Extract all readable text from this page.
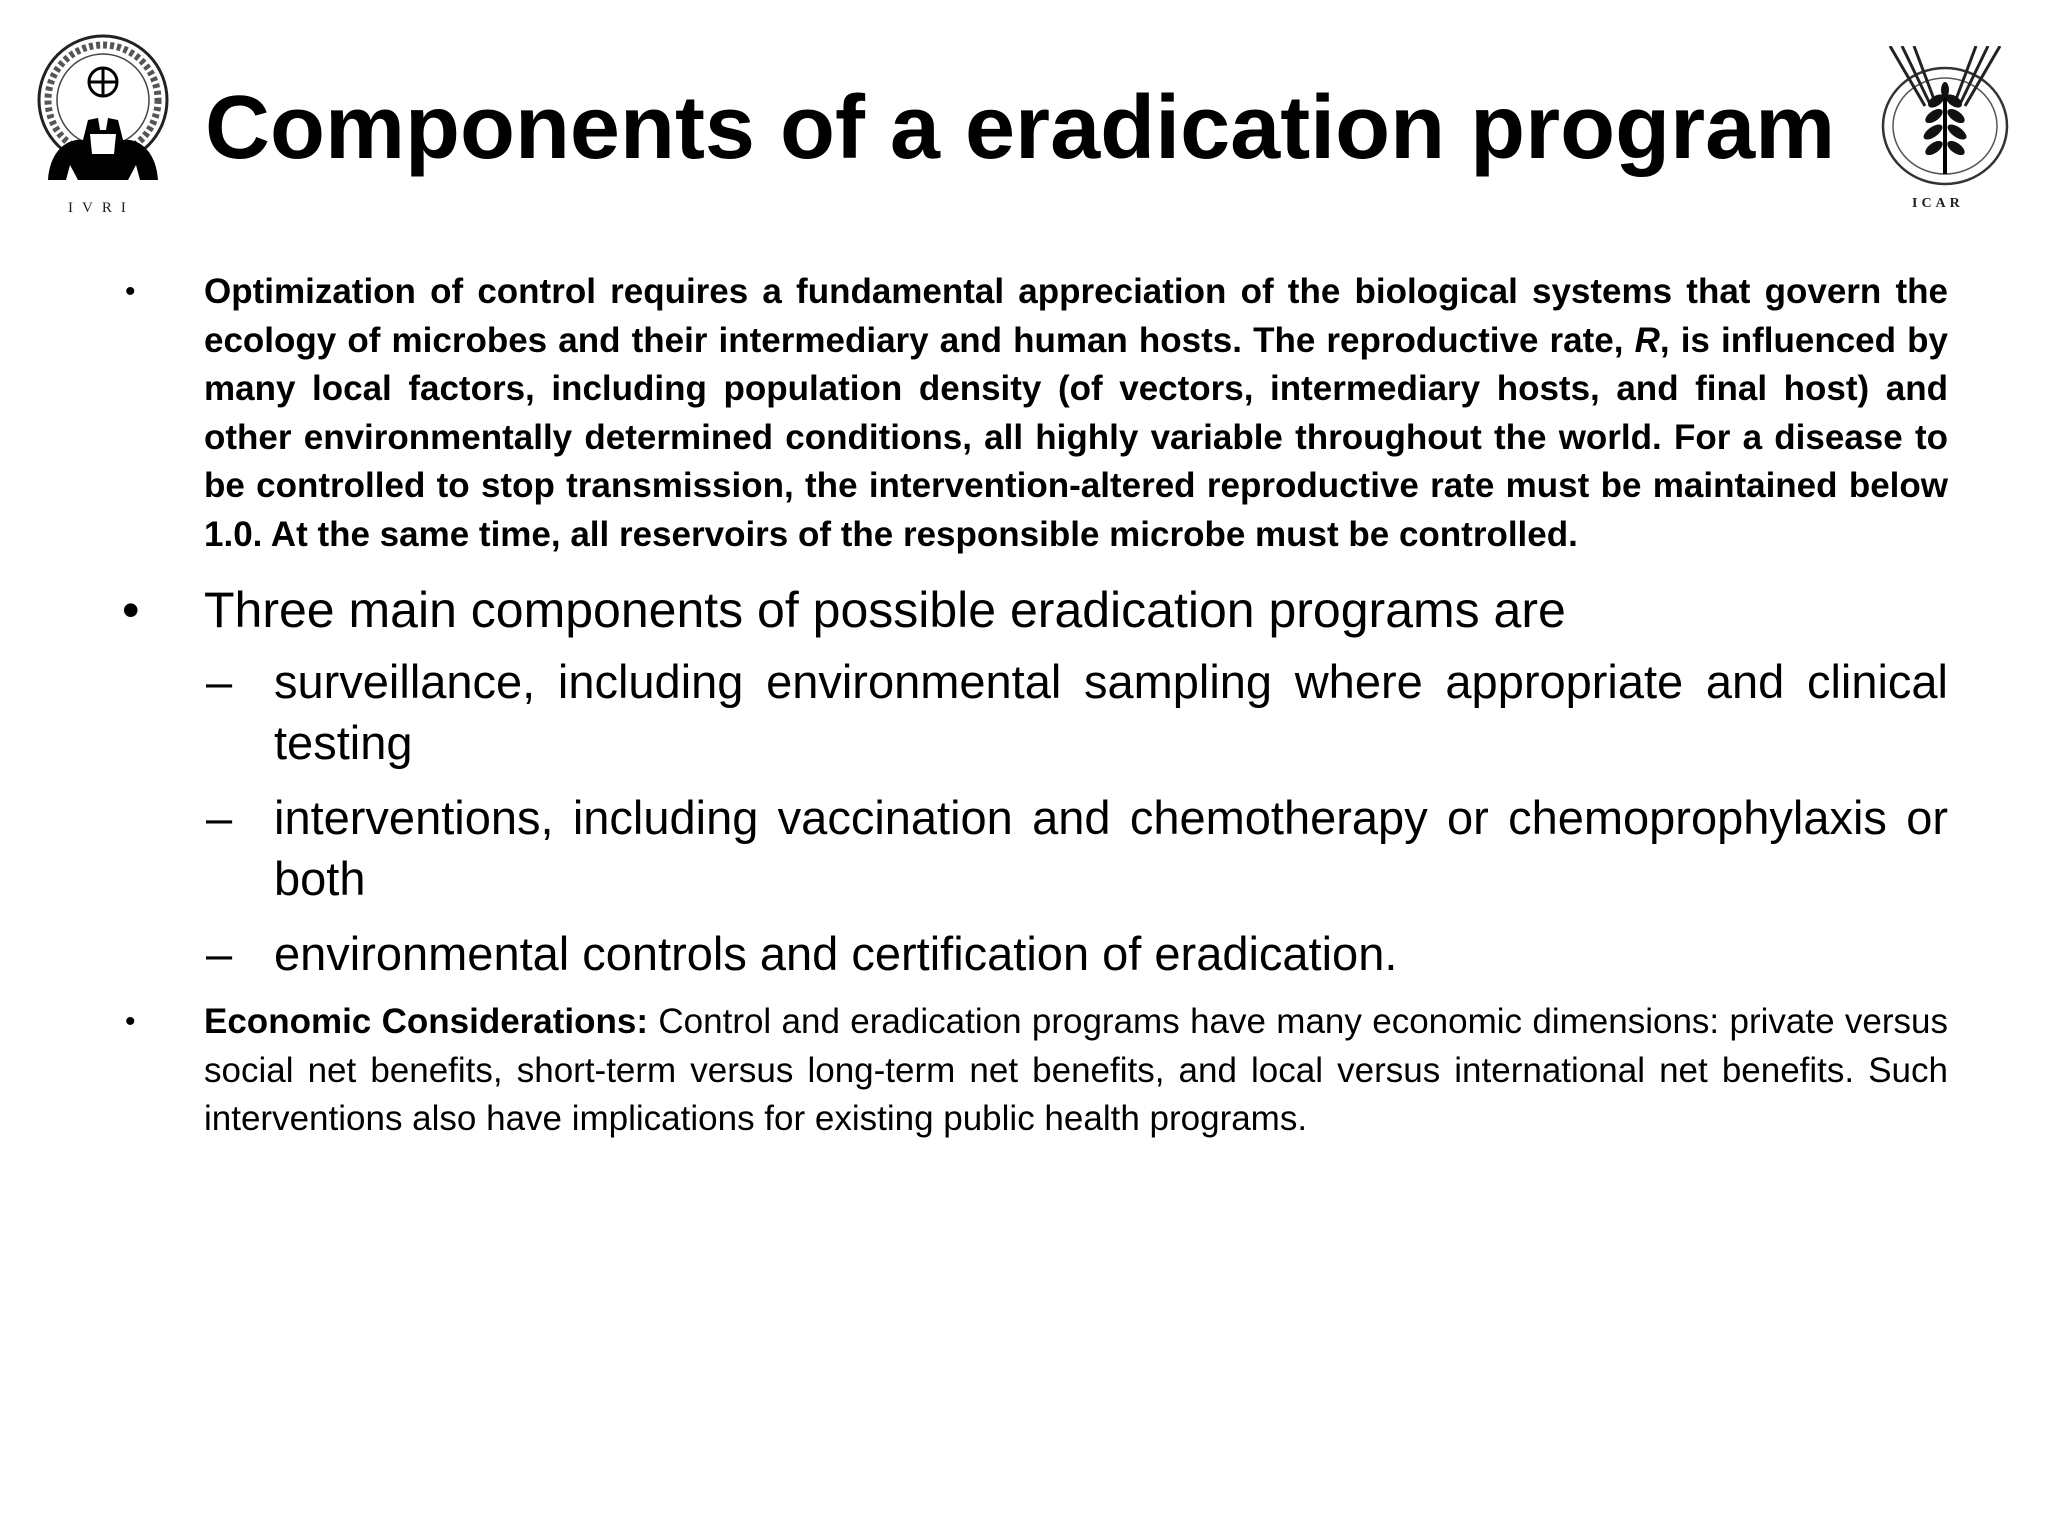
IVRI
Components of a eradication program
ICAR
• Optimization of control requires a fundamental appreciation of the biological systems that govern the ecology of microbes and their intermediary and human hosts. The reproductive rate, R, is influenced by many local factors, including population density (of vectors, intermediary hosts, and final host) and other environmentally determined conditions, all highly variable throughout the world. For a disease to be controlled to stop transmission, the intervention-altered reproductive rate must be maintained below 1.0. At the same time, all reservoirs of the responsible microbe must be controlled.
• Three main components of possible eradication programs are
– surveillance, including environmental sampling where appropriate and clinical testing
– interventions, including vaccination and chemotherapy or chemoprophylaxis or both
– environmental controls and certification of eradication.
• Economic Considerations: Control and eradication programs have many economic dimensions: private versus social net benefits, short-term versus long-term net benefits, and local versus international net benefits. Such interventions also have implications for existing public health programs.
